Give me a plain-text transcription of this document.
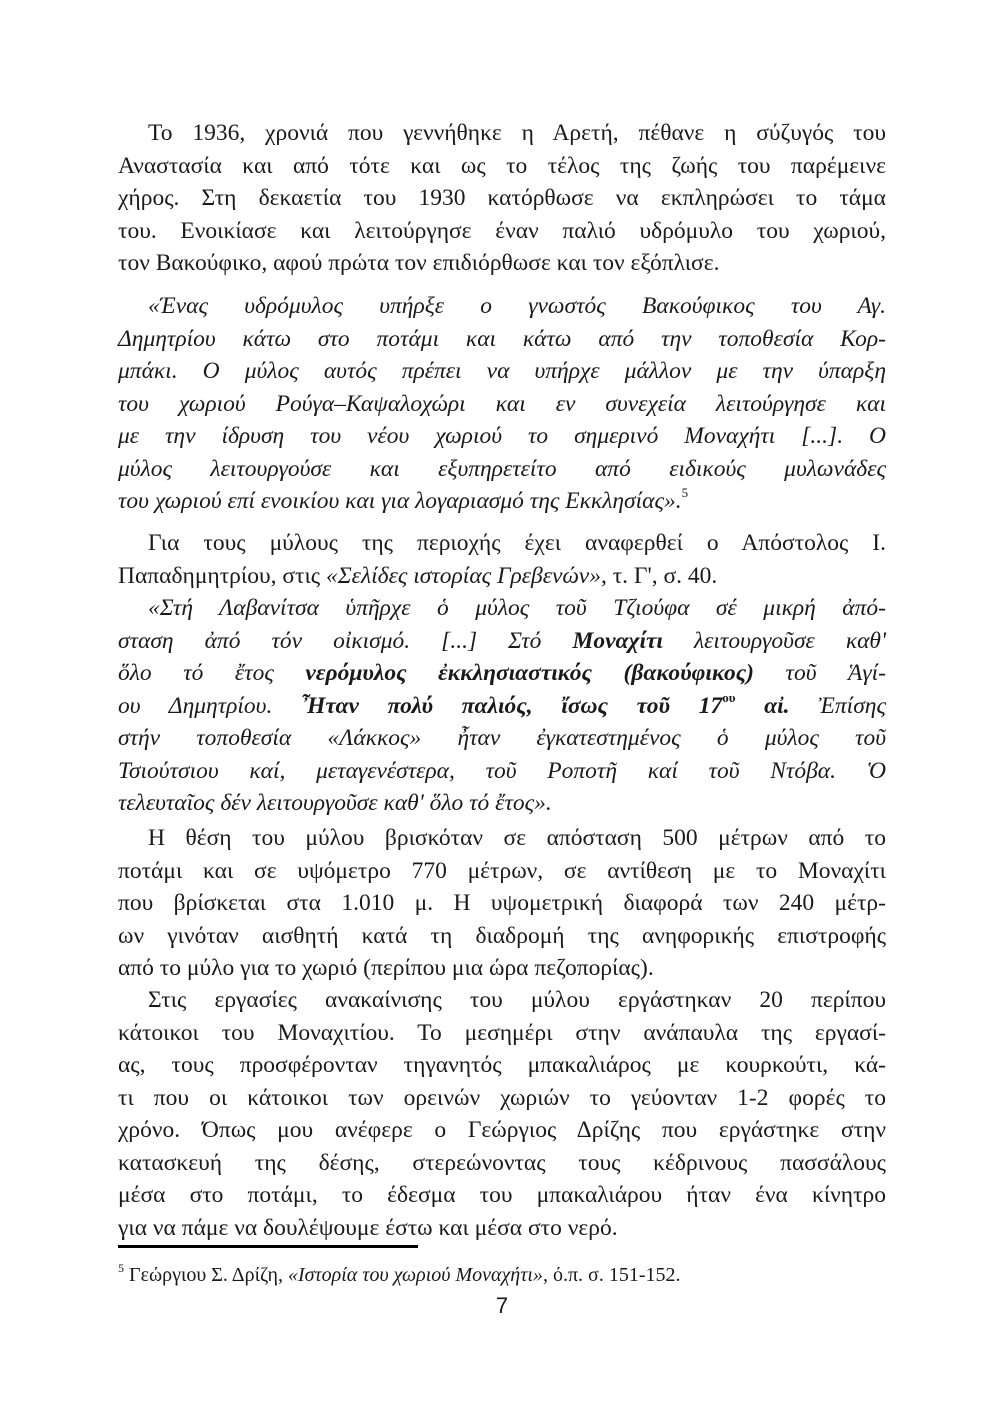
Το 1936, χρονιά που γεννήθηκε η Αρετή, πέθανε η σύζυγός του
Αναστασία και από τότε και ως το τέλος της ζωής του παρέμεινε
χήρος. Στη δεκαετία του 1930 κατόρθωσε να εκπληρώσει το τάμα
του. Ενοικίασε και λειτούργησε έναν παλιό υδρόμυλο του χωριού,
τον Βακούφικο, αφού πρώτα τον επιδιόρθωσε και τον εξόπλισε.
«Ένας υδρόμυλος υπήρξε ο γνωστός Βακούφικος του Αγ.
Δημητρίου κάτω στο ποτάμι και κάτω από την τοποθεσία Κορ-
μπάκι. Ο μύλος αυτός πρέπει να υπήρχε μάλλον με την ύπαρξη
του χωριού Ρούγα–Καψαλοχώρι και εν συνεχεία λειτούργησε και
με την ίδρυση του νέου χωριού το σημερινό Μοναχήτι [...]. Ο
μύλος λειτουργούσε και εξυπηρετείτο από ειδικούς μυλωνάδες
του χωριού επί ενοικίου και για λογαριασμό της Εκκλησίας».$^5$
Για τους μύλους της περιοχής έχει αναφερθεί ο Απόστολος Ι.
Παπαδημητρίου, στις «Σελίδες ιστορίας Γρεβενών», τ. Γ', σ. 40.
«Στή Λαβανίτσα ὑπῆρχε ὁ μύλος τοῦ Τζιούφα σέ μικρή ἀπό-
σταση ἀπό τόν οἰκισμό. [...] Στό Μοναχίτι λειτουργοῦσε καθ'
ὅλο τό ἔτος νερόμυλος ἐκκλησιαστικός (βακούφικος) τοῦ Ἁγί-
ου Δημητρίου. Ἦταν πολύ παλιός, ἴσως τοῦ $17^{o\upsilon}$ αἰ. Ἐπίσης
στήν τοποθεσία «Λάκκος» ἦταν ἐγκατεστημένος ὁ μύλος τοῦ
Τσιούτσιου καί, μεταγενέστερα, τοῦ Ροποτῆ καί τοῦ Ντόβα. Ὁ
τελευταῖος δέν λειτουργοῦσε καθ' ὅλο τό ἔτος».
Η θέση του μύλου βρισκόταν σε απόσταση 500 μέτρων από το
ποτάμι και σε υψόμετρο 770 μέτρων, σε αντίθεση με το Μοναχίτι
που βρίσκεται στα 1.010 μ. Η υψομετρική διαφορά των 240 μέτρ-
ων γινόταν αισθητή κατά τη διαδρομή της ανηφορικής επιστροφής
από το μύλο για το χωριό (περίπου μια ώρα πεζοπορίας).
Στις εργασίες ανακαίνισης του μύλου εργάστηκαν 20 περίπου
κάτοικοι του Μοναχιτίου. Το μεσημέρι στην ανάπαυλα της εργασί-
ας, τους προσφέρονταν τηγανητός μπακαλιάρος με κουρκούτι, κά-
τι που οι κάτοικοι των ορεινών χωριών το γεύονταν 1-2 φορές το
χρόνο. Όπως μου ανέφερε ο Γεώργιος Δρίζης που εργάστηκε στην
κατασκευή της δέσης, στερεώνοντας τους κέδρινους πασσάλους
μέσα στο ποτάμι, το έδεσμα του μπακαλιάρου ήταν ένα κίνητρο
για να πάμε να δουλέψουμε έστω και μέσα στο νερό.
$^5$ Γεώργιου Σ. Δρίζη, «Ιστορία του χωριού Μοναχήτι», ό.π. σ. 151-152.
7
